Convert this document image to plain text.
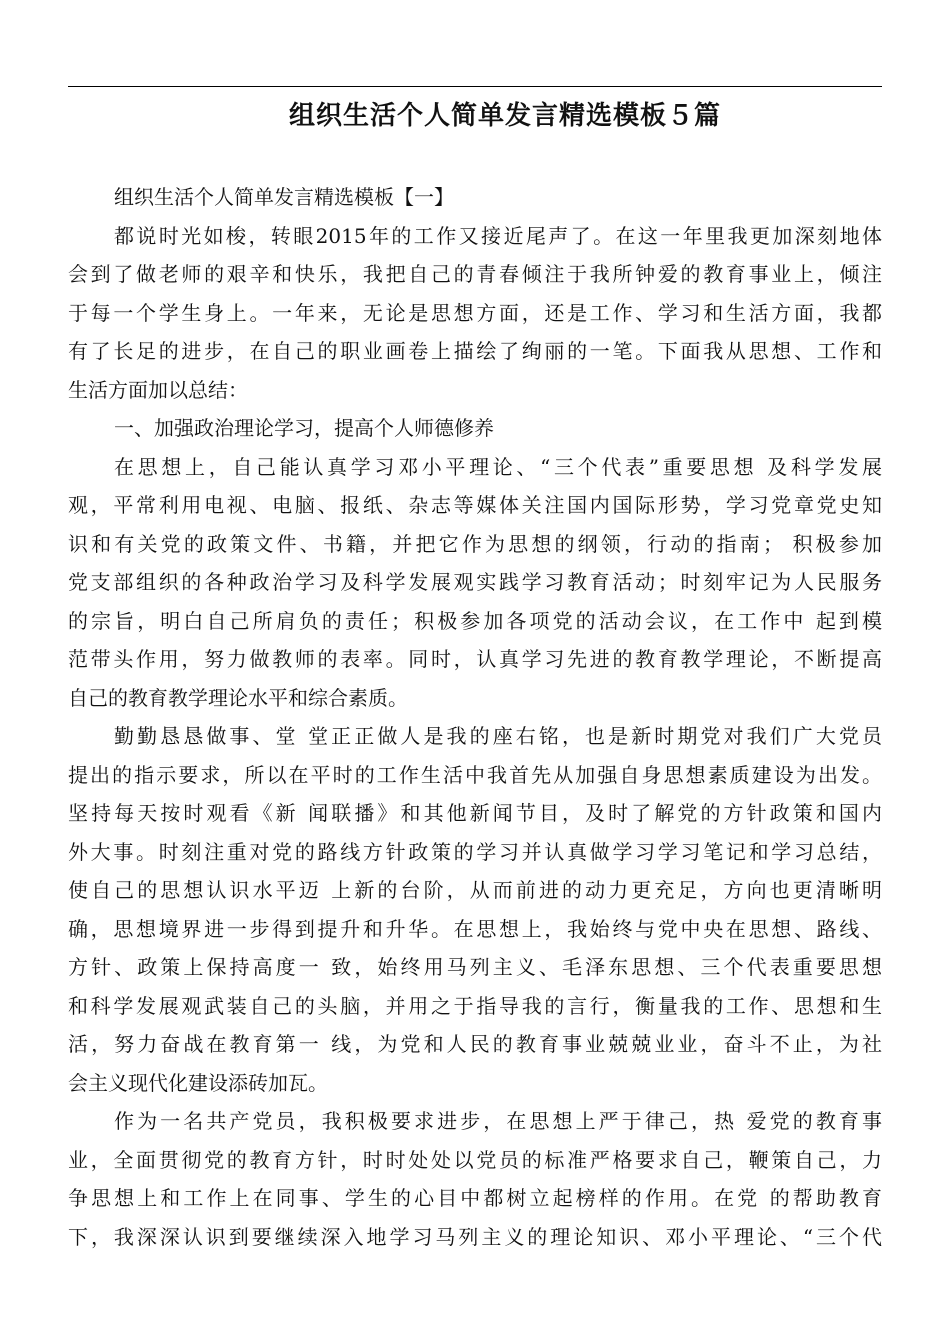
组织生活个人简单发言精选模板５篇
组织生活个人简单发言精选模板【一】
都说时光如梭，转眼2015年的工作又接近尾声了。在这一年里我更加深刻地体
会到了做老师的艰辛和快乐，我把自己的青春倾注于我所钟爱的教育事业上，倾注
于每一个学生身上。一年来，无论是思想方面，还是工作、学习和生活方面，我都
有了长足的进步，在自己的职业画卷上描绘了绚丽的一笔。下面我从思想、工作和
生活方面加以总结：
一、加强政治理论学习，提高个人师德修养
在思想上，自己能认真学习邓小平理论、“三个代表”重要思想 及科学发展
观，平常利用电视、电脑、报纸、杂志等媒体关注国内国际形势，学习党章党史知
识和有关党的政策文件、书籍，并把它作为思想的纲领，行动的指南； 积极参加
党支部组织的各种政治学习及科学发展观实践学习教育活动；时刻牢记为人民服务
的宗旨，明白自己所肩负的责任；积极参加各项党的活动会议，在工作中 起到模
范带头作用，努力做教师的表率。同时，认真学习先进的教育教学理论，不断提高
自己的教育教学理论水平和综合素质。
勤勤恳恳做事、堂 堂正正做人是我的座右铭，也是新时期党对我们广大党员
提出的指示要求，所以在平时的工作生活中我首先从加强自身思想素质建设为出发。
坚持每天按时观看《新 闻联播》和其他新闻节目，及时了解党的方针政策和国内
外大事。时刻注重对党的路线方针政策的学习并认真做学习学习笔记和学习总结，
使自己的思想认识水平迈 上新的台阶，从而前进的动力更充足，方向也更清晰明
确，思想境界进一步得到提升和升华。在思想上，我始终与党中央在思想、路线、
方针、政策上保持高度一 致，始终用马列主义、毛泽东思想、三个代表重要思想
和科学发展观武装自己的头脑，并用之于指导我的言行，衡量我的工作、思想和生
活，努力奋战在教育第一 线，为党和人民的教育事业兢兢业业，奋斗不止，为社
会主义现代化建设添砖加瓦。
作为一名共产党员，我积极要求进步，在思想上严于律己，热 爱党的教育事
业，全面贯彻党的教育方针，时时处处以党员的标准严格要求自己，鞭策自己，力
争思想上和工作上在同事、学生的心目中都树立起榜样的作用。在党 的帮助教育
下，我深深认识到要继续深入地学习马列主义的理论知识、邓小平理论、“三个代
